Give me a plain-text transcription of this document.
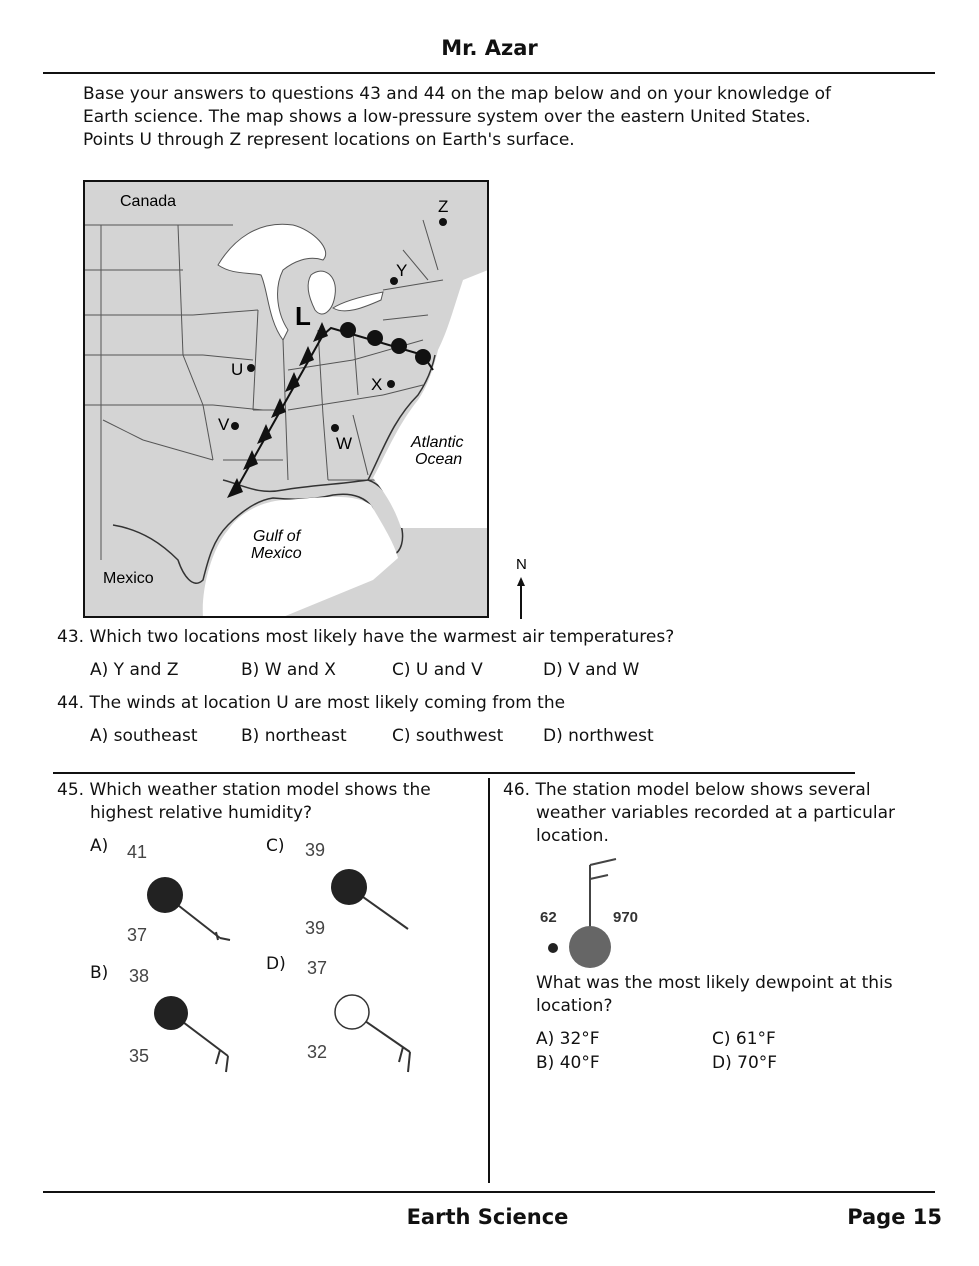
Mr. Azar
Base your answers to questions 43 and 44 on the map below and on your knowledge of
Earth science. The map shows a low-pressure system over the eastern United States.
Points U through Z represent locations on Earth's surface.
Canada
Mexico
Gulf of
Mexico
Atlantic
Ocean
L
Z
Y
U
X
V
W
N
43. Which two locations most likely have the warmest air temperatures?
A) Y and Z	B) W and X	C) U and V	D) V and W
44. The winds at location U are most likely coming from the
A) southeast	B) northeast	C) southwest D) northwest
45. Which weather station model shows the
highest relative humidity?
A) 41
37
C) 39
39
B) 38
35
D) 37
32
46. The station model below shows several
weather variables recorded at a particular
location.
62	970
What was the most likely dewpoint at this
location?
A) 32°F	C) 61°F
B) 40°F	D) 70°F
Earth Science	Page 15
